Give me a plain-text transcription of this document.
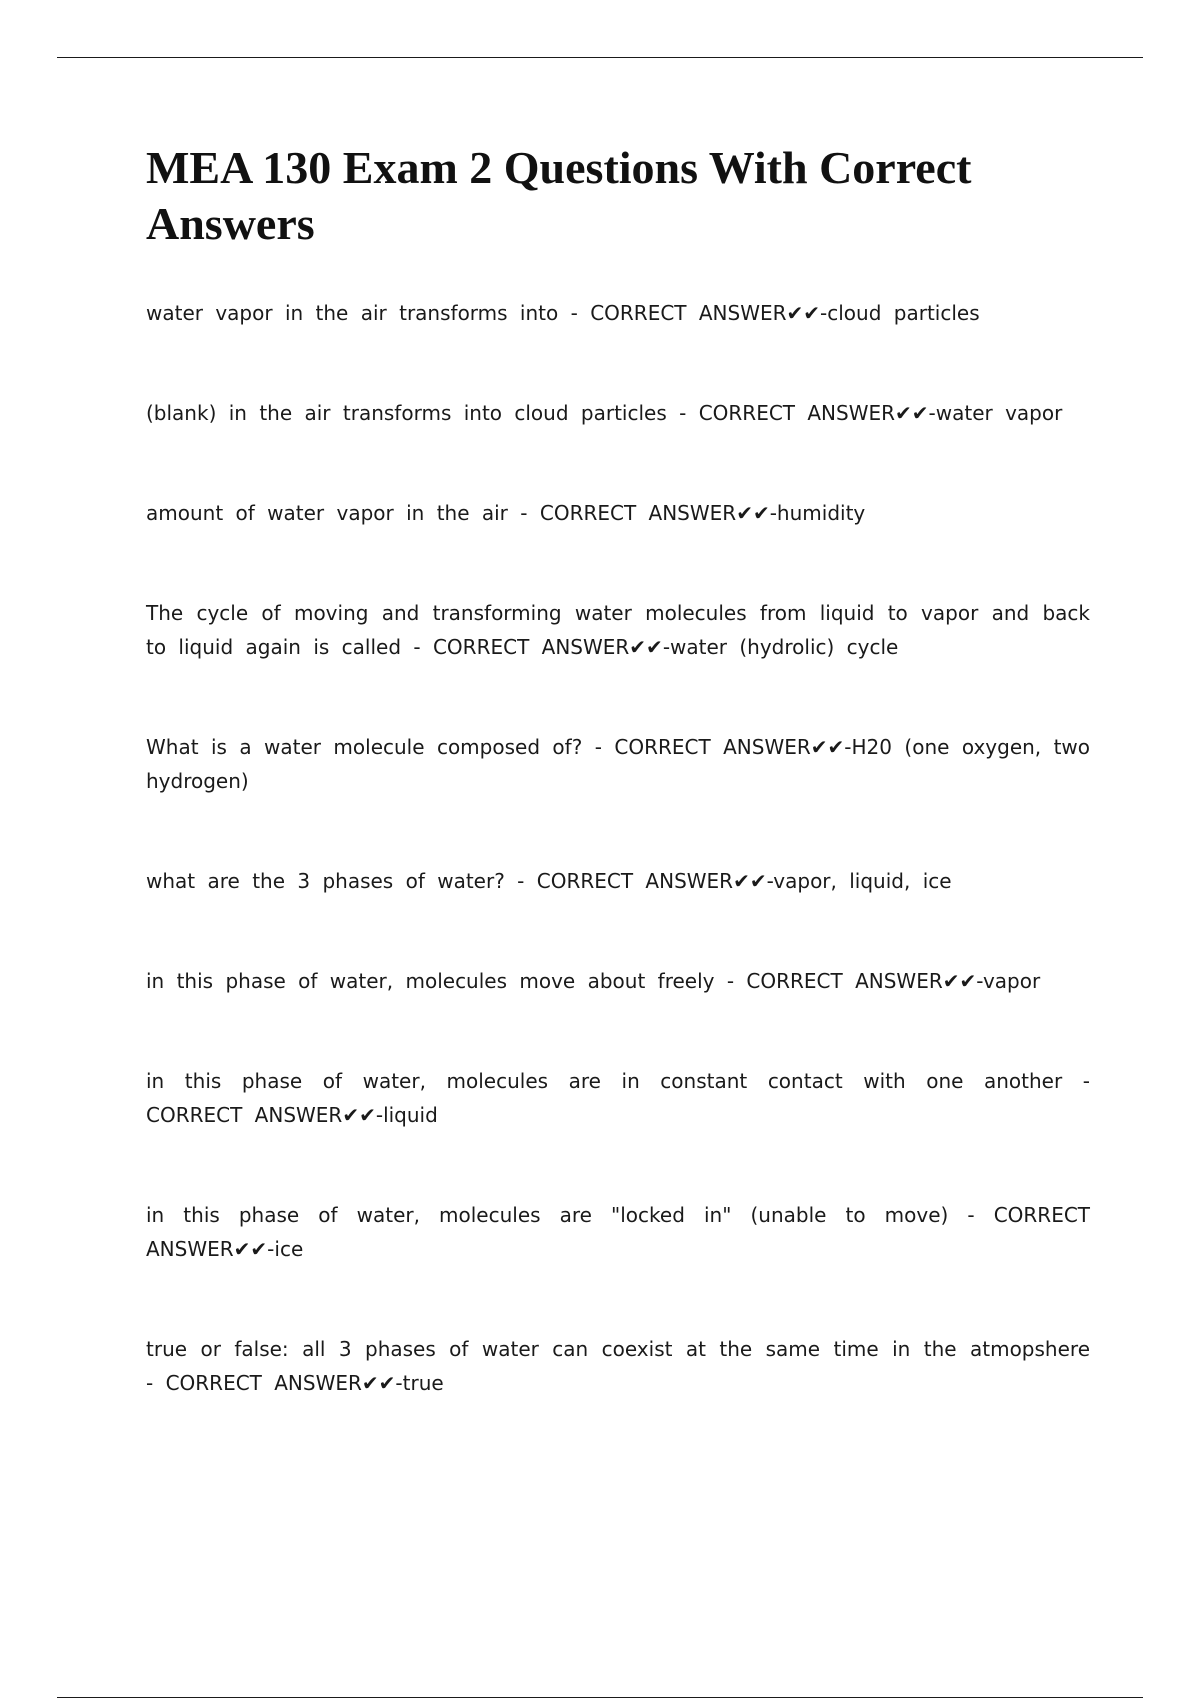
MEA 130 Exam 2 Questions With Correct Answers

water vapor in the air transforms into - CORRECT ANSWER✔✔-cloud particles

(blank) in the air transforms into cloud particles - CORRECT ANSWER✔✔-water vapor

amount of water vapor in the air - CORRECT ANSWER✔✔-humidity

The cycle of moving and transforming water molecules from liquid to vapor and back to liquid again is called - CORRECT ANSWER✔✔-water (hydrolic) cycle

What is a water molecule composed of? - CORRECT ANSWER✔✔-H20 (one oxygen, two hydrogen)

what are the 3 phases of water? - CORRECT ANSWER✔✔-vapor, liquid, ice

in this phase of water, molecules move about freely - CORRECT ANSWER✔✔-vapor

in this phase of water, molecules are in constant contact with one another - CORRECT ANSWER✔✔-liquid

in this phase of water, molecules are "locked in" (unable to move) - CORRECT ANSWER✔✔-ice

true or false: all 3 phases of water can coexist at the same time in the atmopshere - CORRECT ANSWER✔✔-true
